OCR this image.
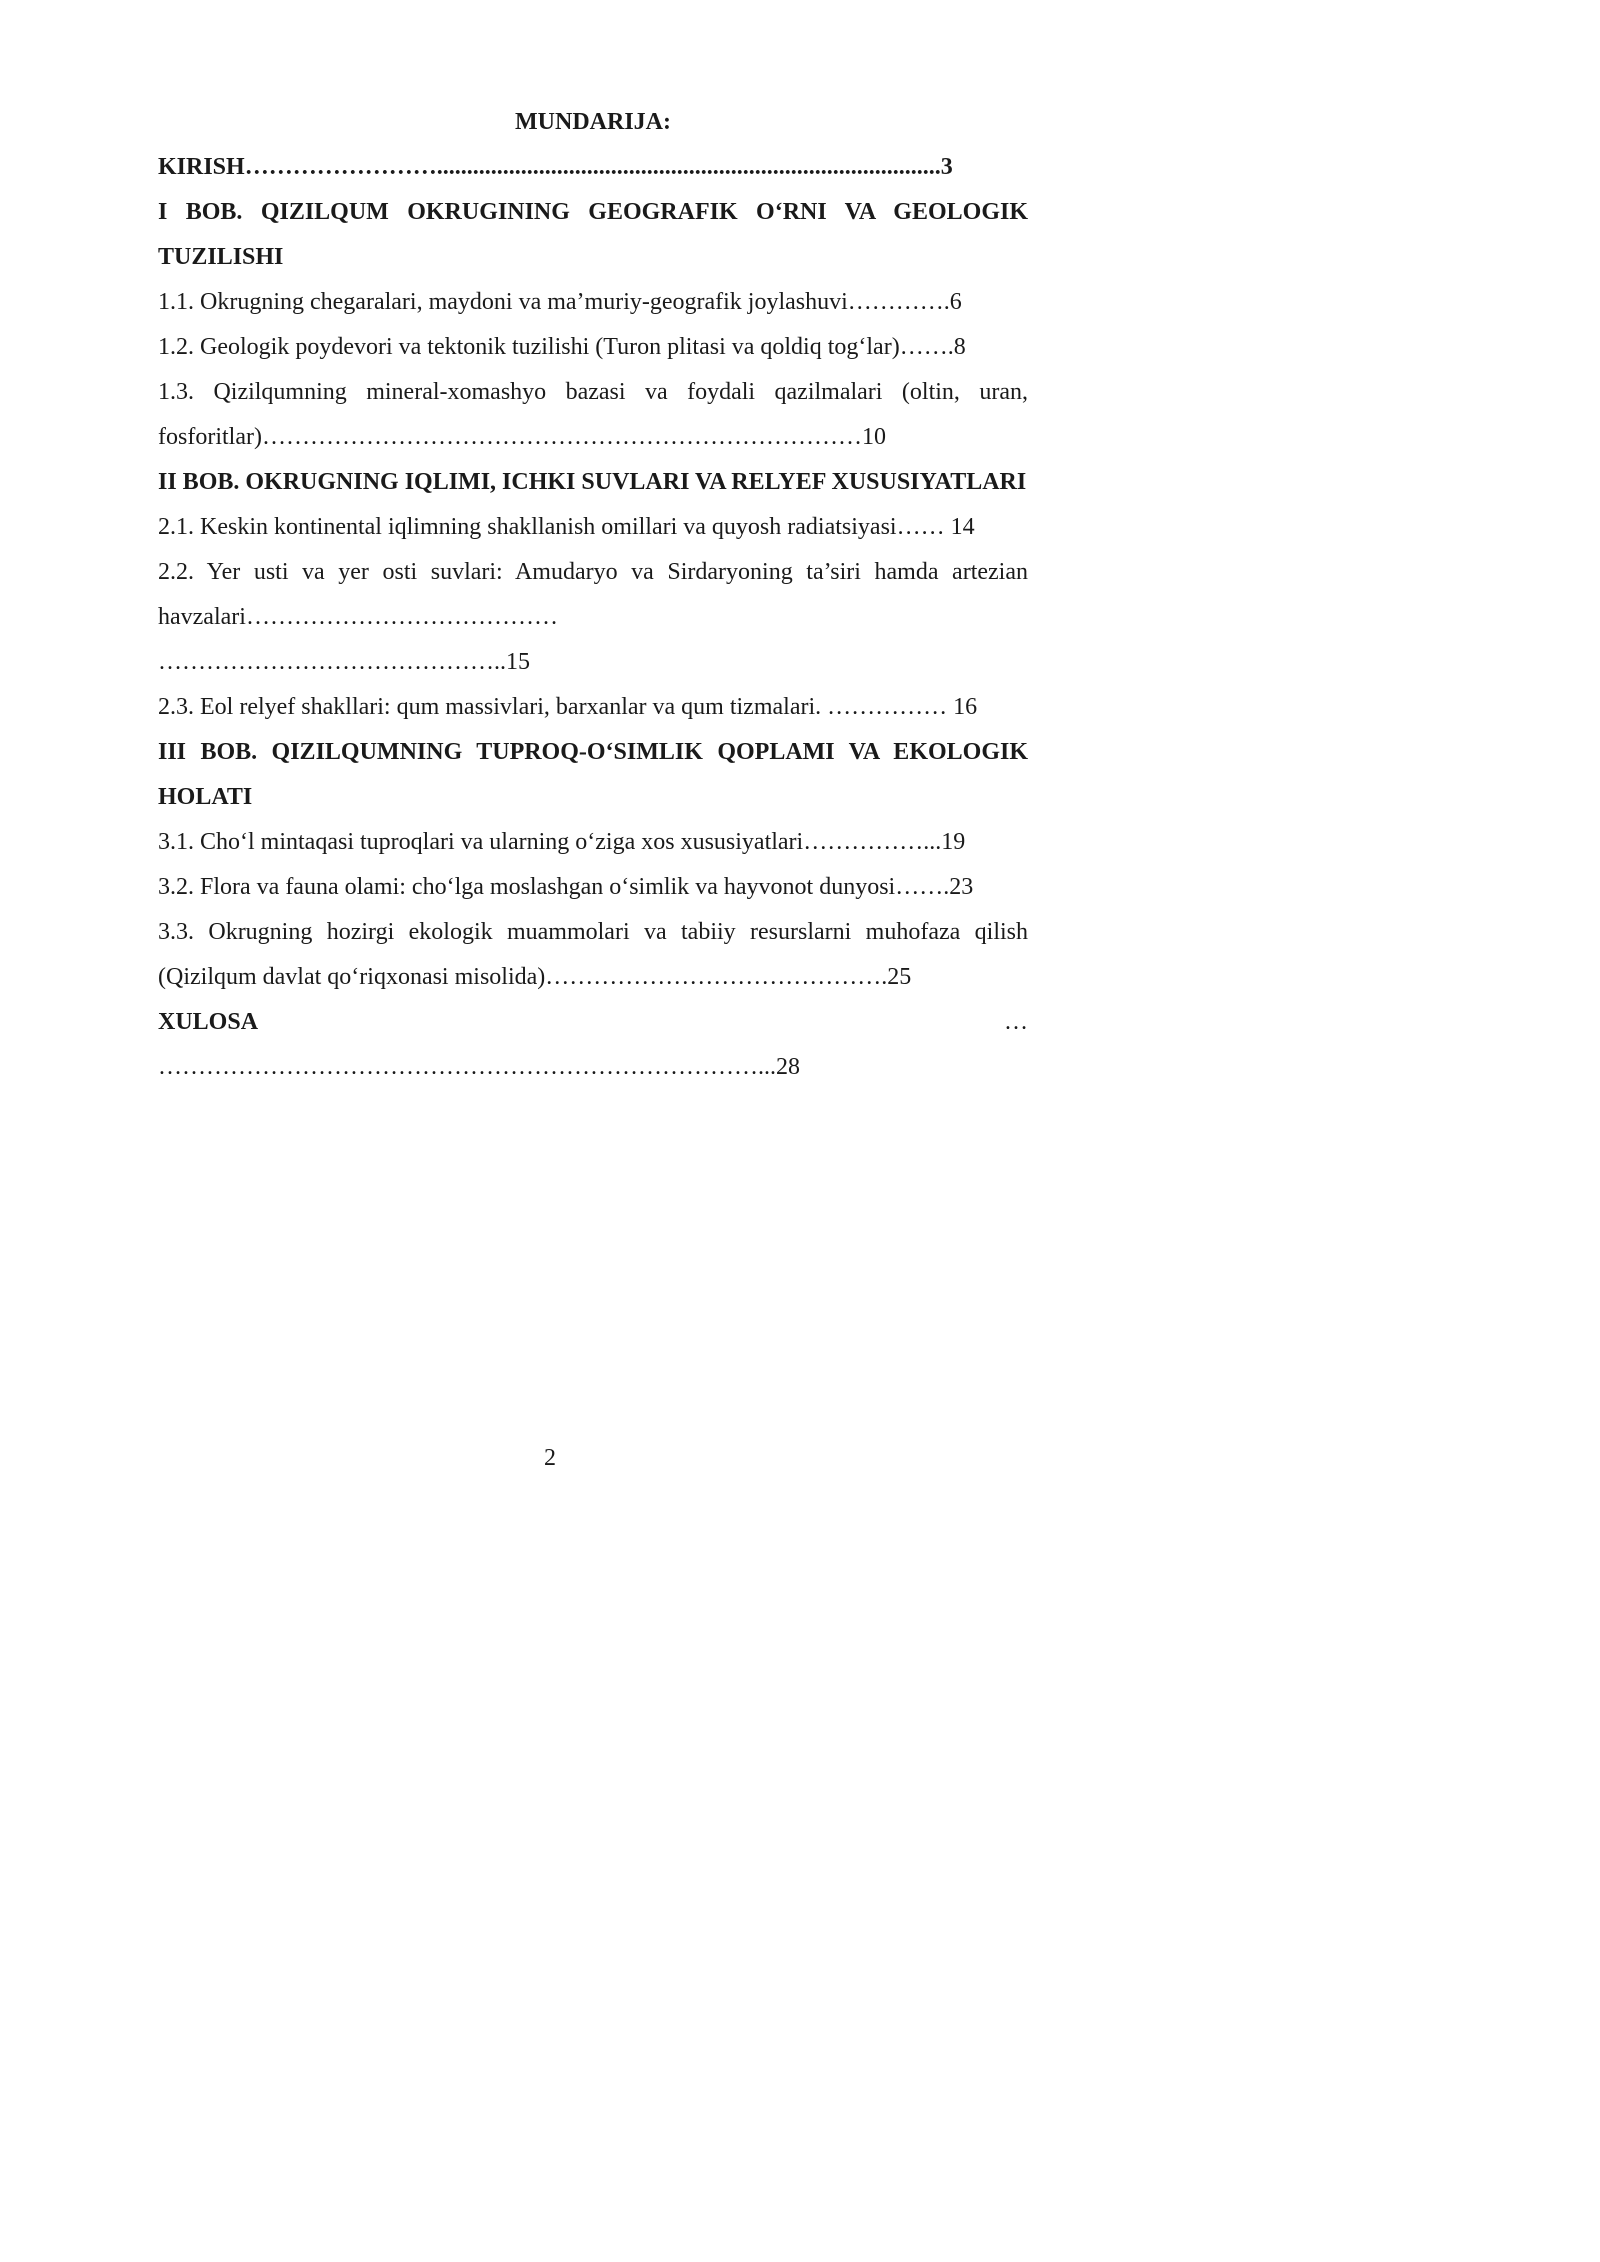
MUNDARIJA:
KIRISH……………………....................................................................................3
I BOB. QIZILQUM OKRUGINING GEOGRAFIK O‘RNI VA GEOLOGIK TUZILISHI
1.1. Okrugning chegaralari, maydoni va ma’muriy-geografik joylashuvi………….6
1.2. Geologik poydevori va tektonik tuzilishi (Turon plitasi va qoldiq tog‘lar)…….8
1.3. Qizilqumning mineral-xomashyo bazasi va foydali qazilmalari (oltin, uran, fosforitlar)…………………………………………………………………10
II BOB. OKRUGNING IQLIMI, ICHKI SUVLARI VA RELYEF XUSUSIYATLARI
2.1. Keskin kontinental iqlimning shakllanish omillari va quyosh radiatsiyasi…… 14
2.2. Yer usti va yer osti suvlari: Amudaryo va Sirdaryoning ta’siri hamda artezian havzalari…………………………………
……………………………………..15
2.3. Eol relyef shakllari: qum massivlari, barxanlar va qum tizmalari. …………… 16
III BOB. QIZILQUMNING TUPROQ-O‘SIMLIK QOPLAMI VA EKOLOGIK HOLATI
3.1. Cho‘l mintaqasi tuproqlari va ularning o‘ziga xos xususiyatlari……………...19
3.2. Flora va fauna olami: cho‘lga moslashgan o‘simlik va hayvonot dunyosi…….23
3.3. Okrugning hozirgi ekologik muammolari va tabiiy resurslarni muhofaza qilish (Qizilqum davlat qo‘riqxonasi misolida)…………………………………….25
XULOSA	…
…………………………………………………………………...28
2
